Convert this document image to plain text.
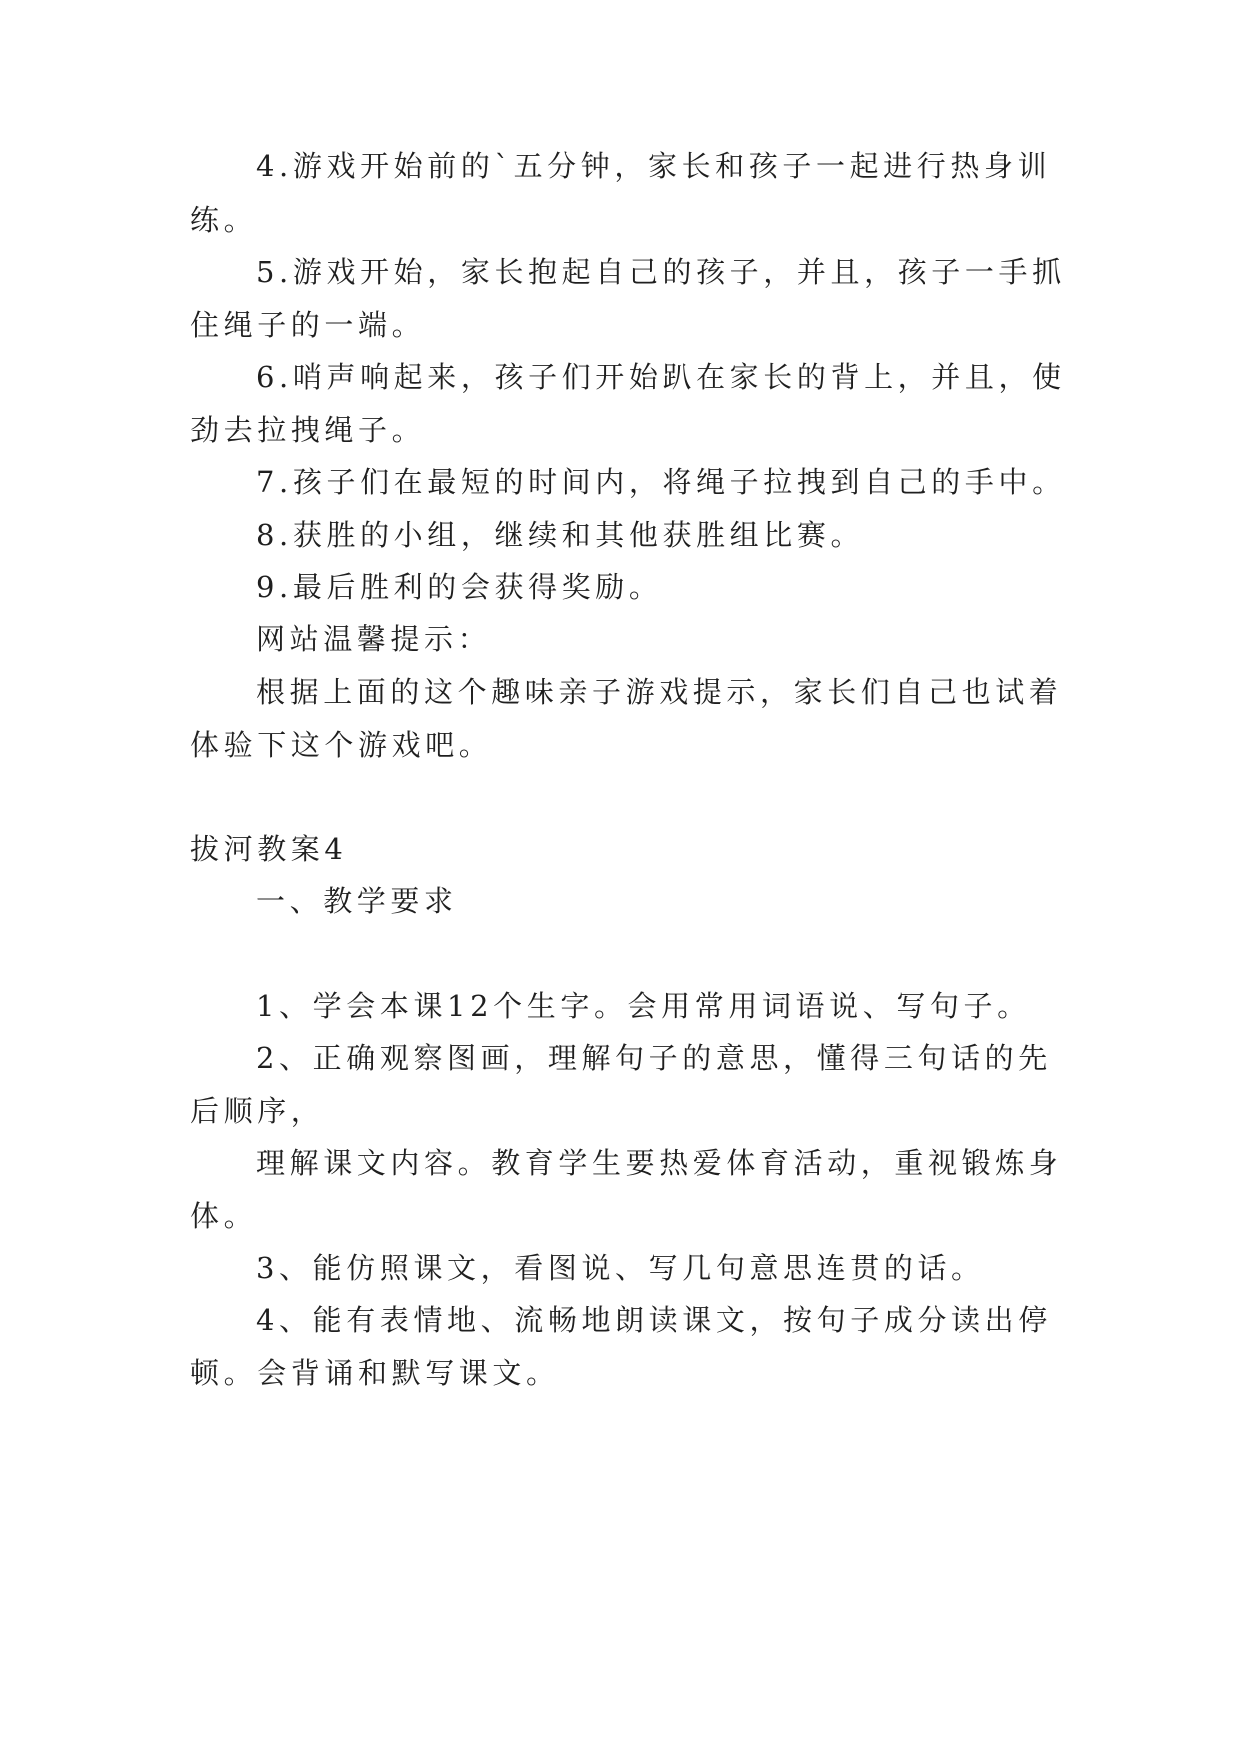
4.游戏开始前的`五分钟，家长和孩子一起进行热身训
练。
5.游戏开始，家长抱起自己的孩子，并且，孩子一手抓
住绳子的一端。
6.哨声响起来，孩子们开始趴在家长的背上，并且，使
劲去拉拽绳子。
7.孩子们在最短的时间内，将绳子拉拽到自己的手中。
8.获胜的小组，继续和其他获胜组比赛。
9.最后胜利的会获得奖励。
网站温馨提示：
根据上面的这个趣味亲子游戏提示，家长们自己也试着
体验下这个游戏吧。
拔河教案4
一、教学要求
1、学会本课12个生字。会用常用词语说、写句子。
2、正确观察图画，理解句子的意思，懂得三句话的先
后顺序，
理解课文内容。教育学生要热爱体育活动，重视锻炼身
体。
3、能仿照课文，看图说、写几句意思连贯的话。
4、能有表情地、流畅地朗读课文，按句子成分读出停
顿。会背诵和默写课文。
